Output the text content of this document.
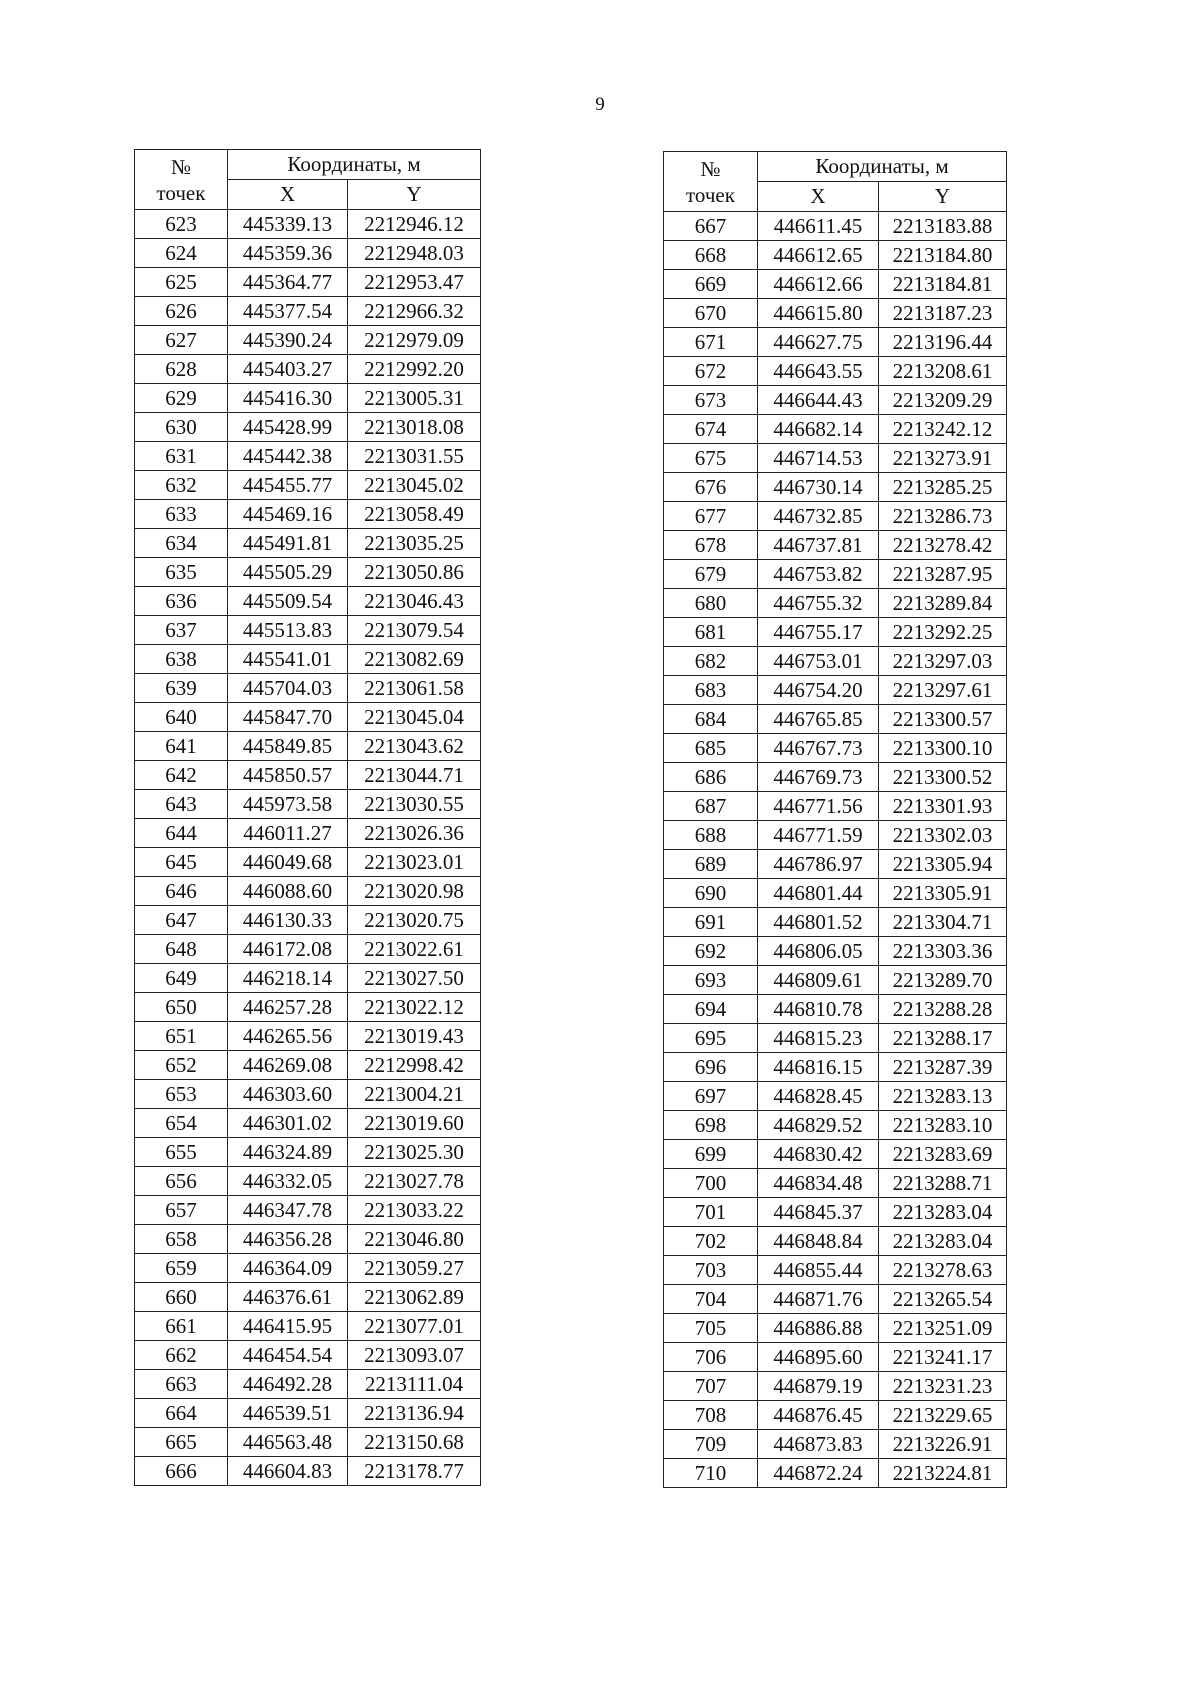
9
№
точек	Координаты, м	
	X	Y
623	445339.13	2212946.12
624	445359.36	2212948.03
625	445364.77	2212953.47
626	445377.54	2212966.32
627	445390.24	2212979.09
628	445403.27	2212992.20
629	445416.30	2213005.31
630	445428.99	2213018.08
631	445442.38	2213031.55
632	445455.77	2213045.02
633	445469.16	2213058.49
634	445491.81	2213035.25
635	445505.29	2213050.86
636	445509.54	2213046.43
637	445513.83	2213079.54
638	445541.01	2213082.69
639	445704.03	2213061.58
640	445847.70	2213045.04
641	445849.85	2213043.62
642	445850.57	2213044.71
643	445973.58	2213030.55
644	446011.27	2213026.36
645	446049.68	2213023.01
646	446088.60	2213020.98
647	446130.33	2213020.75
648	446172.08	2213022.61
649	446218.14	2213027.50
650	446257.28	2213022.12
651	446265.56	2213019.43
652	446269.08	2212998.42
653	446303.60	2213004.21
654	446301.02	2213019.60
655	446324.89	2213025.30
656	446332.05	2213027.78
657	446347.78	2213033.22
658	446356.28	2213046.80
659	446364.09	2213059.27
660	446376.61	2213062.89
661	446415.95	2213077.01
662	446454.54	2213093.07
663	446492.28	2213111.04
664	446539.51	2213136.94
665	446563.48	2213150.68
666	446604.83	2213178.77
№
точек	Координаты, м	
	X	Y
667	446611.45	2213183.88
668	446612.65	2213184.80
669	446612.66	2213184.81
670	446615.80	2213187.23
671	446627.75	2213196.44
672	446643.55	2213208.61
673	446644.43	2213209.29
674	446682.14	2213242.12
675	446714.53	2213273.91
676	446730.14	2213285.25
677	446732.85	2213286.73
678	446737.81	2213278.42
679	446753.82	2213287.95
680	446755.32	2213289.84
681	446755.17	2213292.25
682	446753.01	2213297.03
683	446754.20	2213297.61
684	446765.85	2213300.57
685	446767.73	2213300.10
686	446769.73	2213300.52
687	446771.56	2213301.93
688	446771.59	2213302.03
689	446786.97	2213305.94
690	446801.44	2213305.91
691	446801.52	2213304.71
692	446806.05	2213303.36
693	446809.61	2213289.70
694	446810.78	2213288.28
695	446815.23	2213288.17
696	446816.15	2213287.39
697	446828.45	2213283.13
698	446829.52	2213283.10
699	446830.42	2213283.69
700	446834.48	2213288.71
701	446845.37	2213283.04
702	446848.84	2213283.04
703	446855.44	2213278.63
704	446871.76	2213265.54
705	446886.88	2213251.09
706	446895.60	2213241.17
707	446879.19	2213231.23
708	446876.45	2213229.65
709	446873.83	2213226.91
710	446872.24	2213224.81
